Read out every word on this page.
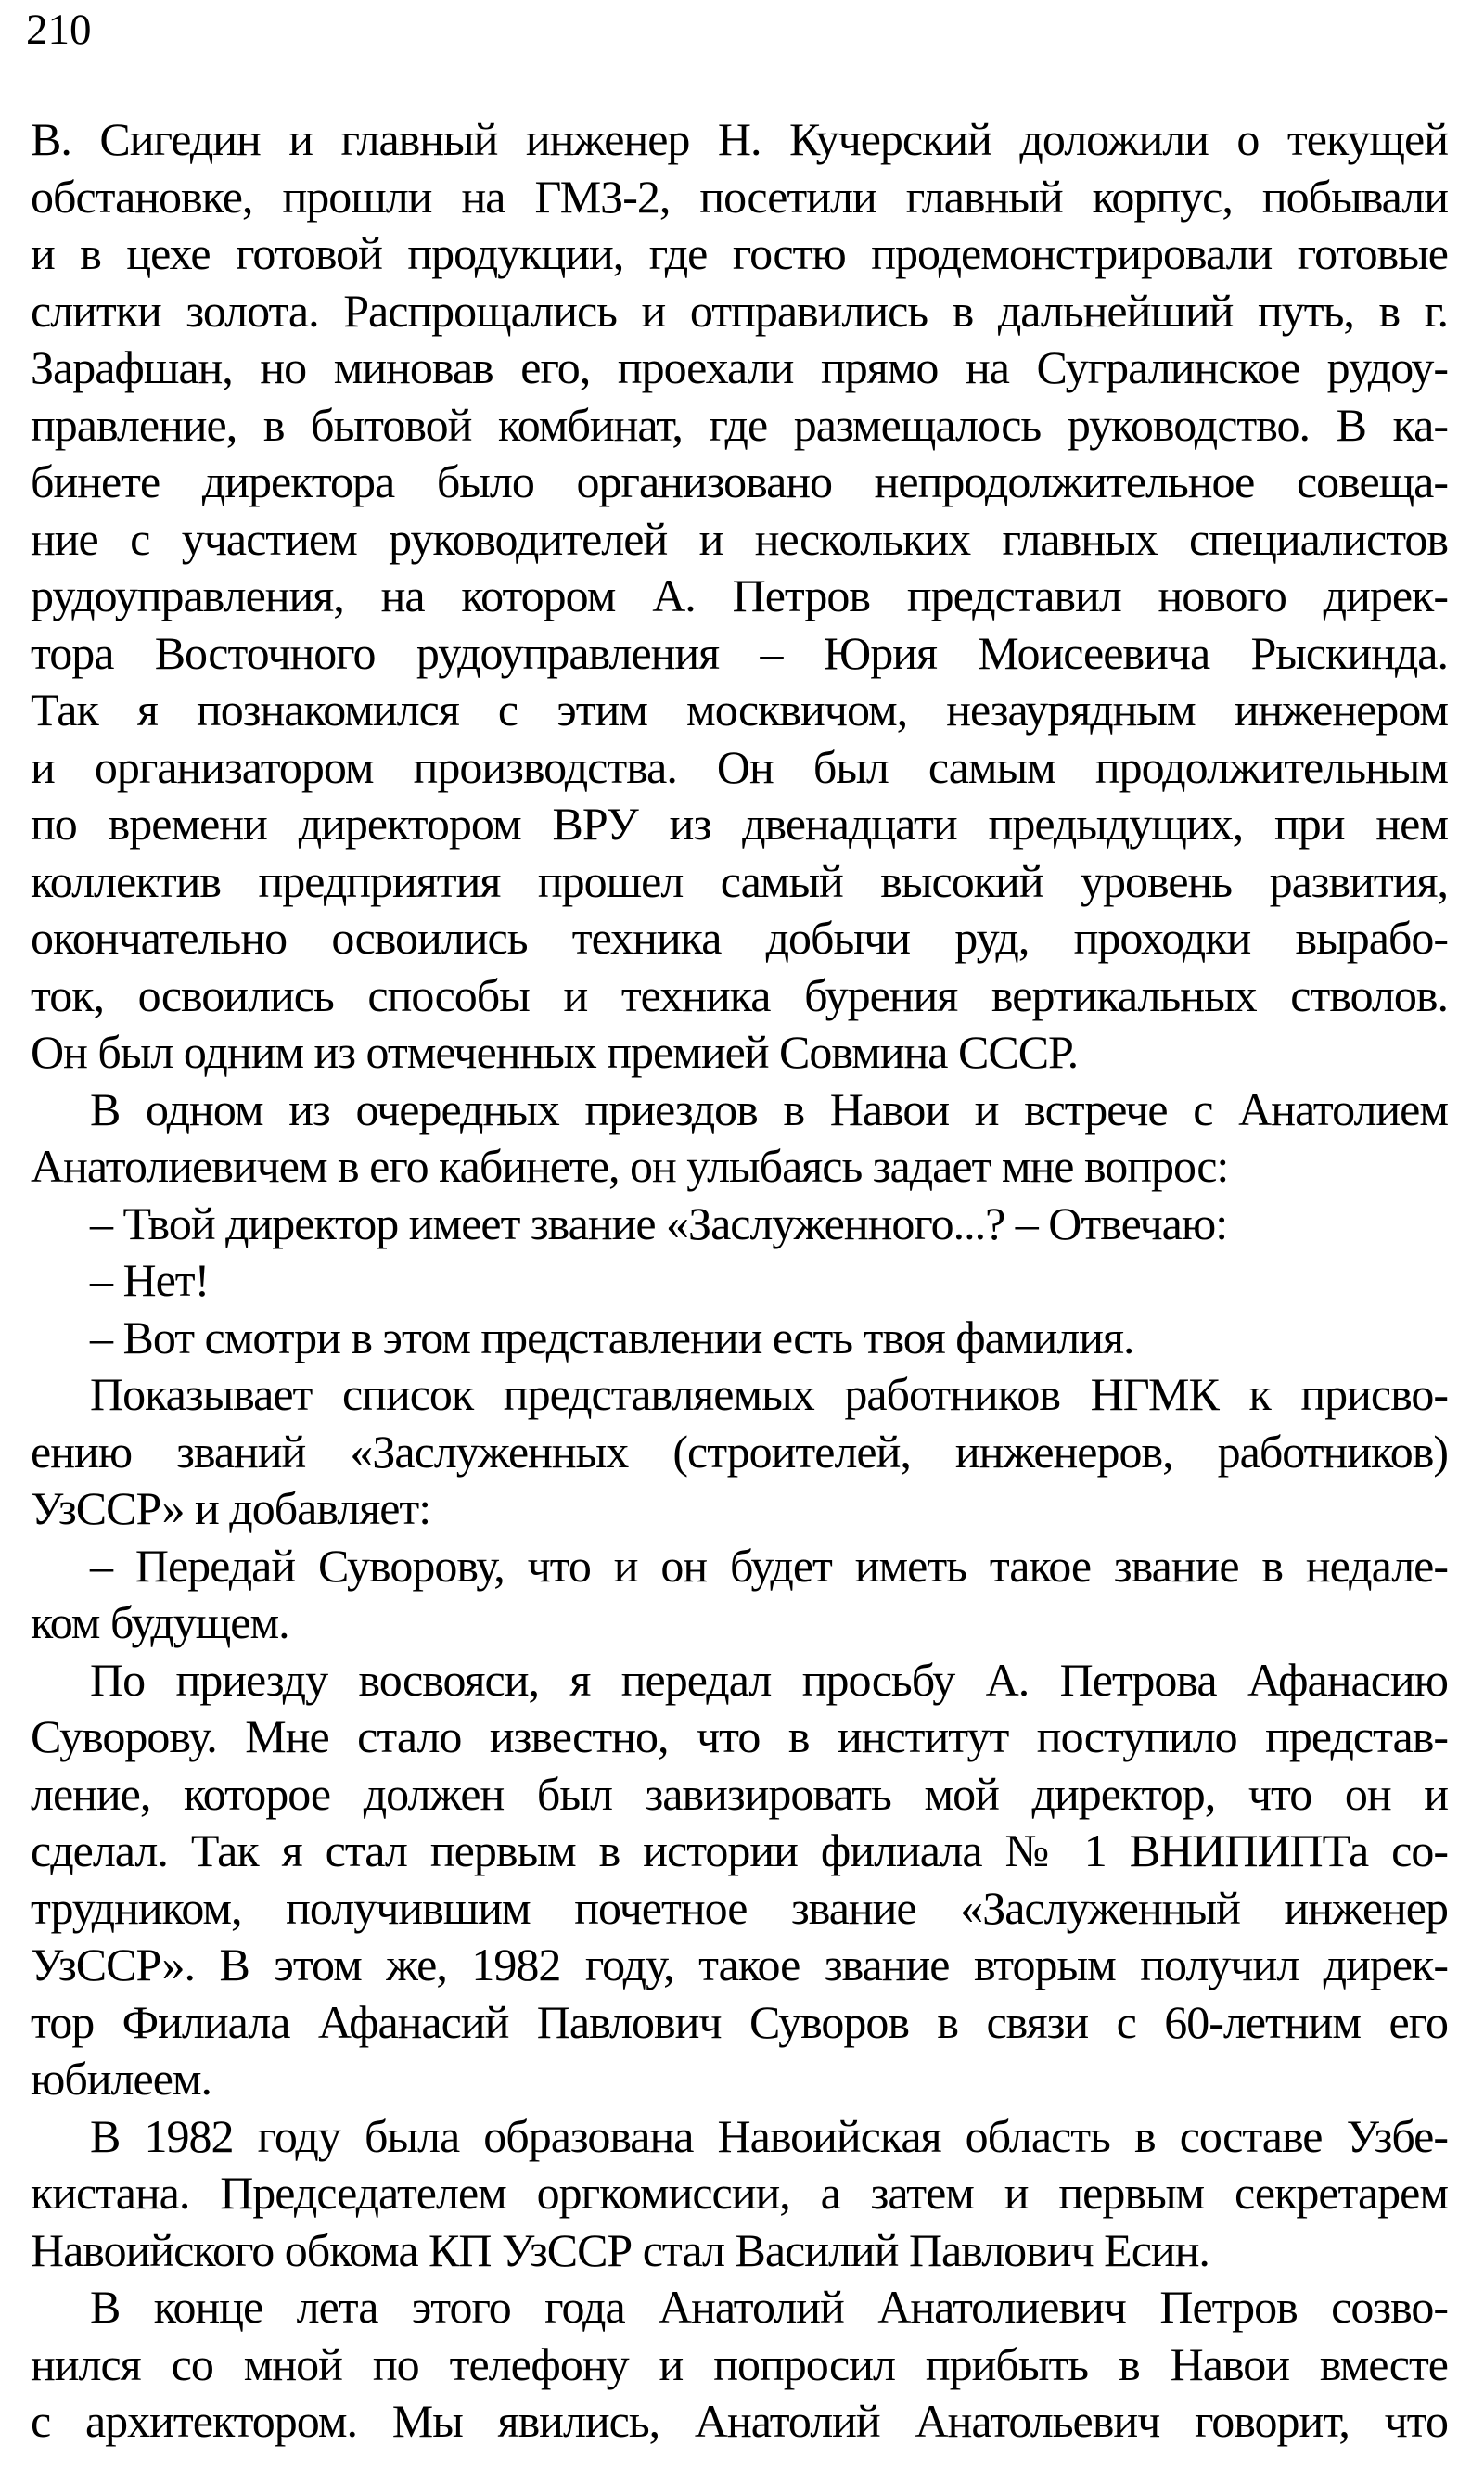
210
В. Сигедин и главный инженер Н. Кучерский доложили о текущей
обстановке, прошли на ГМЗ-2, посетили главный корпус, побывали
и в цехе готовой продукции, где гостю продемонстрировали готовые
слитки золота. Распрощались и отправились в дальнейший путь, в г.
Зарафшан, но миновав его, проехали прямо на Сугралинское рудоу-
правление, в бытовой комбинат, где размещалось руководство. В ка-
бинете директора было организовано непродолжительное совеща-
ние с участием руководителей и нескольких главных специалистов
рудоуправления, на котором А. Петров представил нового дирек-
тора Восточного рудоуправления – Юрия Моисеевича Рыскинда.
Так я познакомился с этим москвичом, незаурядным инженером
и организатором производства. Он был самым продолжительным
по времени директором ВРУ из двенадцати предыдущих, при нем
коллектив предприятия прошел самый высокий уровень развития,
окончательно освоились техника добычи руд, проходки вырабо-
ток, освоились способы и техника бурения вертикальных стволов.
Он был одним из отмеченных премией Совмина СССР.
В одном из очередных приездов в Навои и встрече с Анатолием
Анатолиевичем в его кабинете, он улыбаясь задает мне вопрос:
– Твой директор имеет звание «Заслуженного...? – Отвечаю:
– Нет!
– Вот смотри в этом представлении есть твоя фамилия.
Показывает список представляемых работников НГМК к присво-
ению званий «Заслуженных (строителей, инженеров, работников)
УзССР» и добавляет:
– Передай Суворову, что и он будет иметь такое звание в недале-
ком будущем.
По приезду восвояси, я передал просьбу А. Петрова Афанасию
Суворову. Мне стало известно, что в институт поступило представ-
ление, которое должен был завизировать мой директор, что он и
сделал. Так я стал первым в истории филиала № 1 ВНИПИПТа со-
трудником, получившим почетное звание «Заслуженный инженер
УзССР». В этом же, 1982 году, такое звание вторым получил дирек-
тор Филиала Афанасий Павлович Суворов в связи с 60-летним его
юбилеем.
В 1982 году была образована Навоийская область в составе Узбе-
кистана. Председателем оргкомиссии, а затем и первым секретарем
Навоийского обкома КП УзССР стал Василий Павлович Есин.
В конце лета этого года Анатолий Анатолиевич Петров созво-
нился со мной по телефону и попросил прибыть в Навои вместе
с архитектором. Мы явились, Анатолий Анатольевич говорит, что
